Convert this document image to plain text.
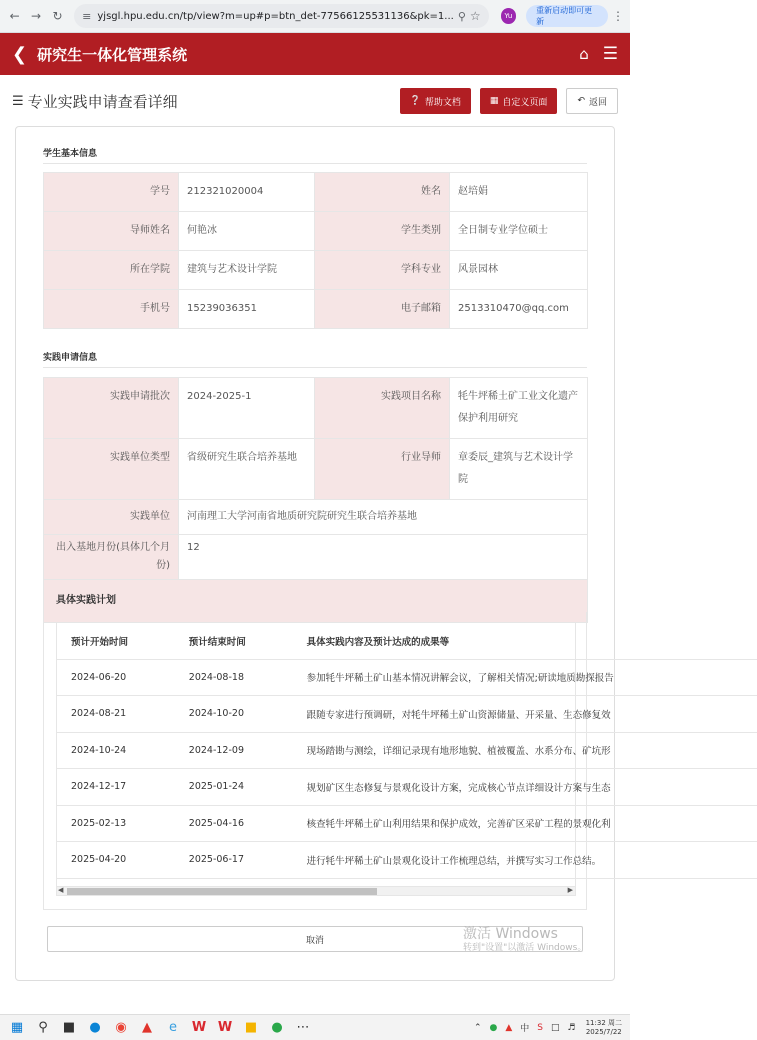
← → ↻	≡ yjsgl.hpu.edu.cn/tp/view?m=up#p=btn_det-77566125531136&pk=1... ⚲ ☆	Yu
重新启动即可更新	⋮
❮ 研究生一体化管理系统	⌂ ☰
☰ 专业实践申请查看详细	❔ 帮助文档	▦ 自定义页面	↶ 返回
学生基本信息
学号	212321020004	姓名	赵培娟
导师姓名	何艳冰	学生类别	全日制专业学位硕士
所在学院	建筑与艺术设计学院	学科专业	风景园林
手机号	15239036351	电子邮箱	2513310470@qq.com
实践申请信息
实践申请批次	2024-2025-1	实践项目名称	牦牛坪稀土矿工业文化遗产保护利用研究
实践单位类型	省级研究生联合培养基地	行业导师	章委辰_建筑与艺术设计学院
实践单位	河南理工大学河南省地质研究院研究生联合培养基地		
出入基地月份(具体几个月份)	12		
具体实践计划			
预计开始时间	预计结束时间	具体实践内容及预计达成的成果等
2024-06-20	2024-08-18	参加牦牛坪稀土矿山基本情况讲解会议，了解相关情况;研读地质勘探报告
2024-08-21	2024-10-20	跟随专家进行预调研，对牦牛坪稀土矿山资源储量、开采量、生态修复效
2024-10-24	2024-12-09	现场踏勘与测绘，详细记录现有地形地貌、植被覆盖、水系分布、矿坑形
2024-12-17	2025-01-24	规划矿区生态修复与景观化设计方案，完成核心节点详细设计方案与生态
2025-02-13	2025-04-16	核查牦牛坪稀土矿山利用结果和保护成效，完善矿区采矿工程的景观化利
2025-04-20	2025-06-17	进行牦牛坪稀土矿山景观化设计工作梳理总结，并撰写实习工作总结。
◀	▶
取消	激活 Windows
转到"设置"以激活 Windows。
▦	⚲	■ ● ◉	▲	e	W W ■ ● ⋯	⌃ ● ▲ 中 S □ ♬ 11:32 周二
2025/7/22
